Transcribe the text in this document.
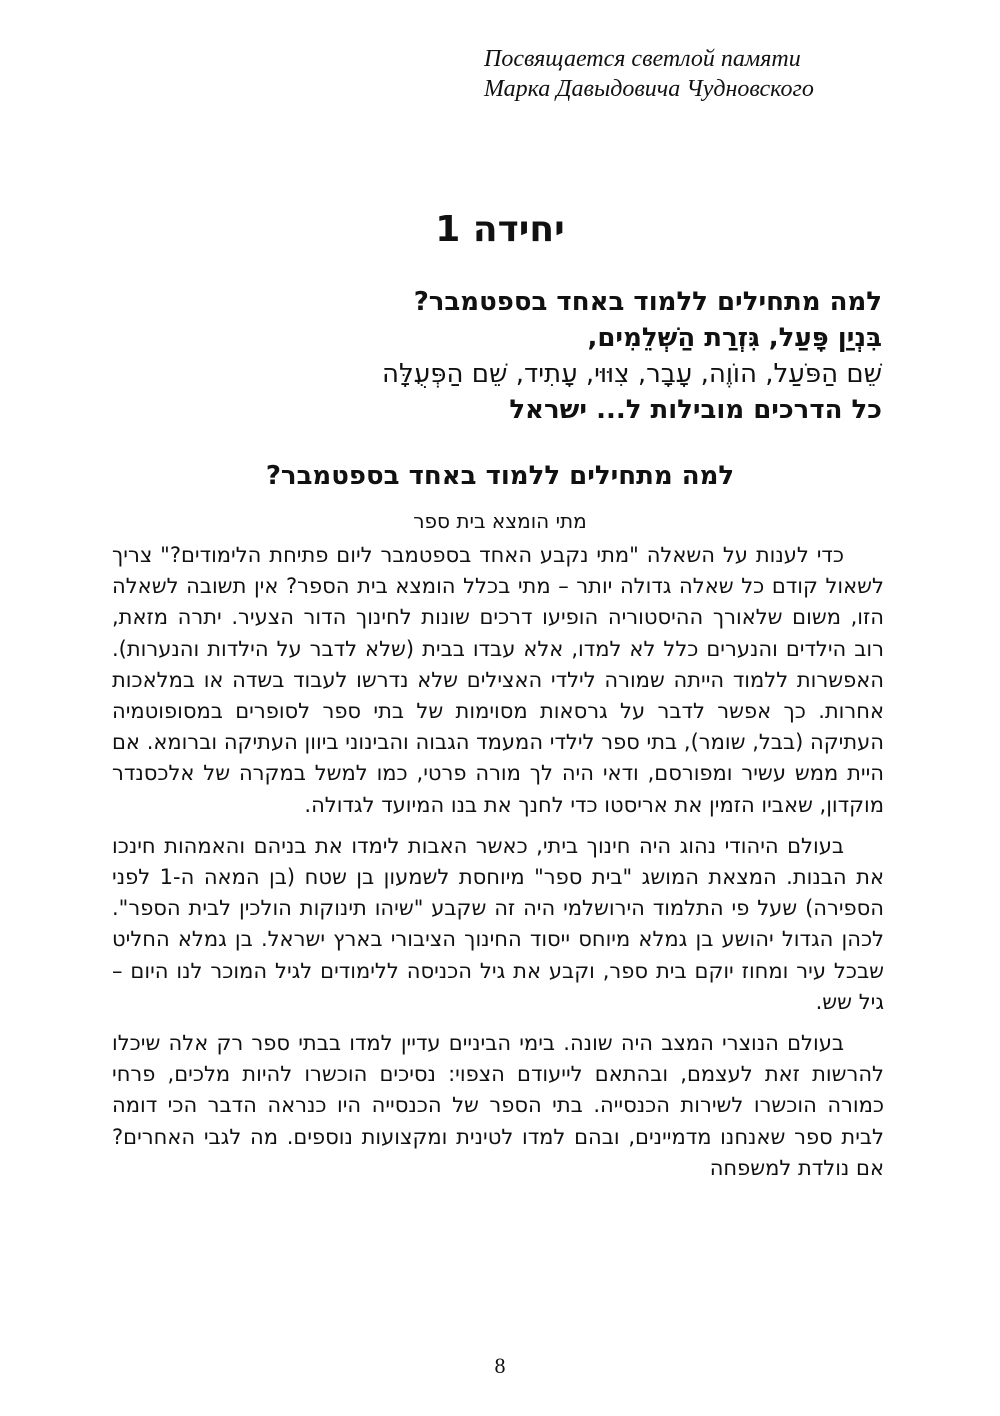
Посвящается светлой памяти
Марка Давыдовича Чудновского
יחידה 1
למה מתחילים ללמוד באחד בספטמבר?
בִּנְיַן פָּעַל, גִּזְרַת הַשְּׁלֵמִים,
שֵׁם הַפֹּעַל, הוֹוֶה, עָבָר, צִוּוּי, עָתִיד, שֵׁם הַפְּעֻלָּה
כל הדרכים מובילות ל... ישראל
למה מתחילים ללמוד באחד בספטמבר?
מתי הומצא בית ספר

כדי לענות על השאלה "מתי נקבע האחד בספטמבר ליום פתיחת הלימודים?" צריך לשאול קודם כל שאלה גדולה יותר – מתי בכלל הומצא בית הספר? אין תשובה לשאלה הזו, משום שלאורך ההיסטוריה הופיעו דרכים שונות לחינוך הדור הצעיר. יתרה מזאת, רוב הילדים והנערים כלל לא למדו, אלא עבדו בבית (שלא לדבר על הילדות והנערות). האפשרות ללמוד הייתה שמורה לילדי האצילים שלא נדרשו לעבוד בשדה או במלאכות אחרות. כך אפשר לדבר על גרסאות מסוימות של בתי ספר לסופרים במסופוטמיה העתיקה (בבל, שומר), בתי ספר לילדי המעמד הגבוה והבינוני ביוון העתיקה וברומא. אם היית ממש עשיר ומפורסם, ודאי היה לך מורה פרטי, כמו למשל במקרה של אלכסנדר מוקדון, שאביו הזמין את אריסטו כדי לחנך את בנו המיועד לגדולה.

בעולם היהודי נהוג היה חינוך ביתי, כאשר האבות לימדו את בניהם והאמהות חינכו את הבנות. המצאת המושג "בית ספר" מיוחסת לשמעון בן שטח (בן המאה ה-1 לפני הספירה) שעל פי התלמוד הירושלמי היה זה שקבע "שיהו תינוקות הולכין לבית הספר". לכהן הגדול יהושע בן גמלא מיוחס ייסוד החינוך הציבורי בארץ ישראל. בן גמלא החליט שבכל עיר ומחוז יוקם בית ספר, וקבע את גיל הכניסה ללימודים לגיל המוכר לנו היום – גיל שש.

בעולם הנוצרי המצב היה שונה. בימי הביניים עדיין למדו בבתי ספר רק אלה שיכלו להרשות זאת לעצמם, ובהתאם לייעודם הצפוי: נסיכים הוכשרו להיות מלכים, פרחי כמורה הוכשרו לשירות הכנסייה. בתי הספר של הכנסייה היו כנראה הדבר הכי דומה לבית ספר שאנחנו מדמיינים, ובהם למדו לטינית ומקצועות נוספים. מה לגבי האחרים? אם נולדת למשפחה

8
